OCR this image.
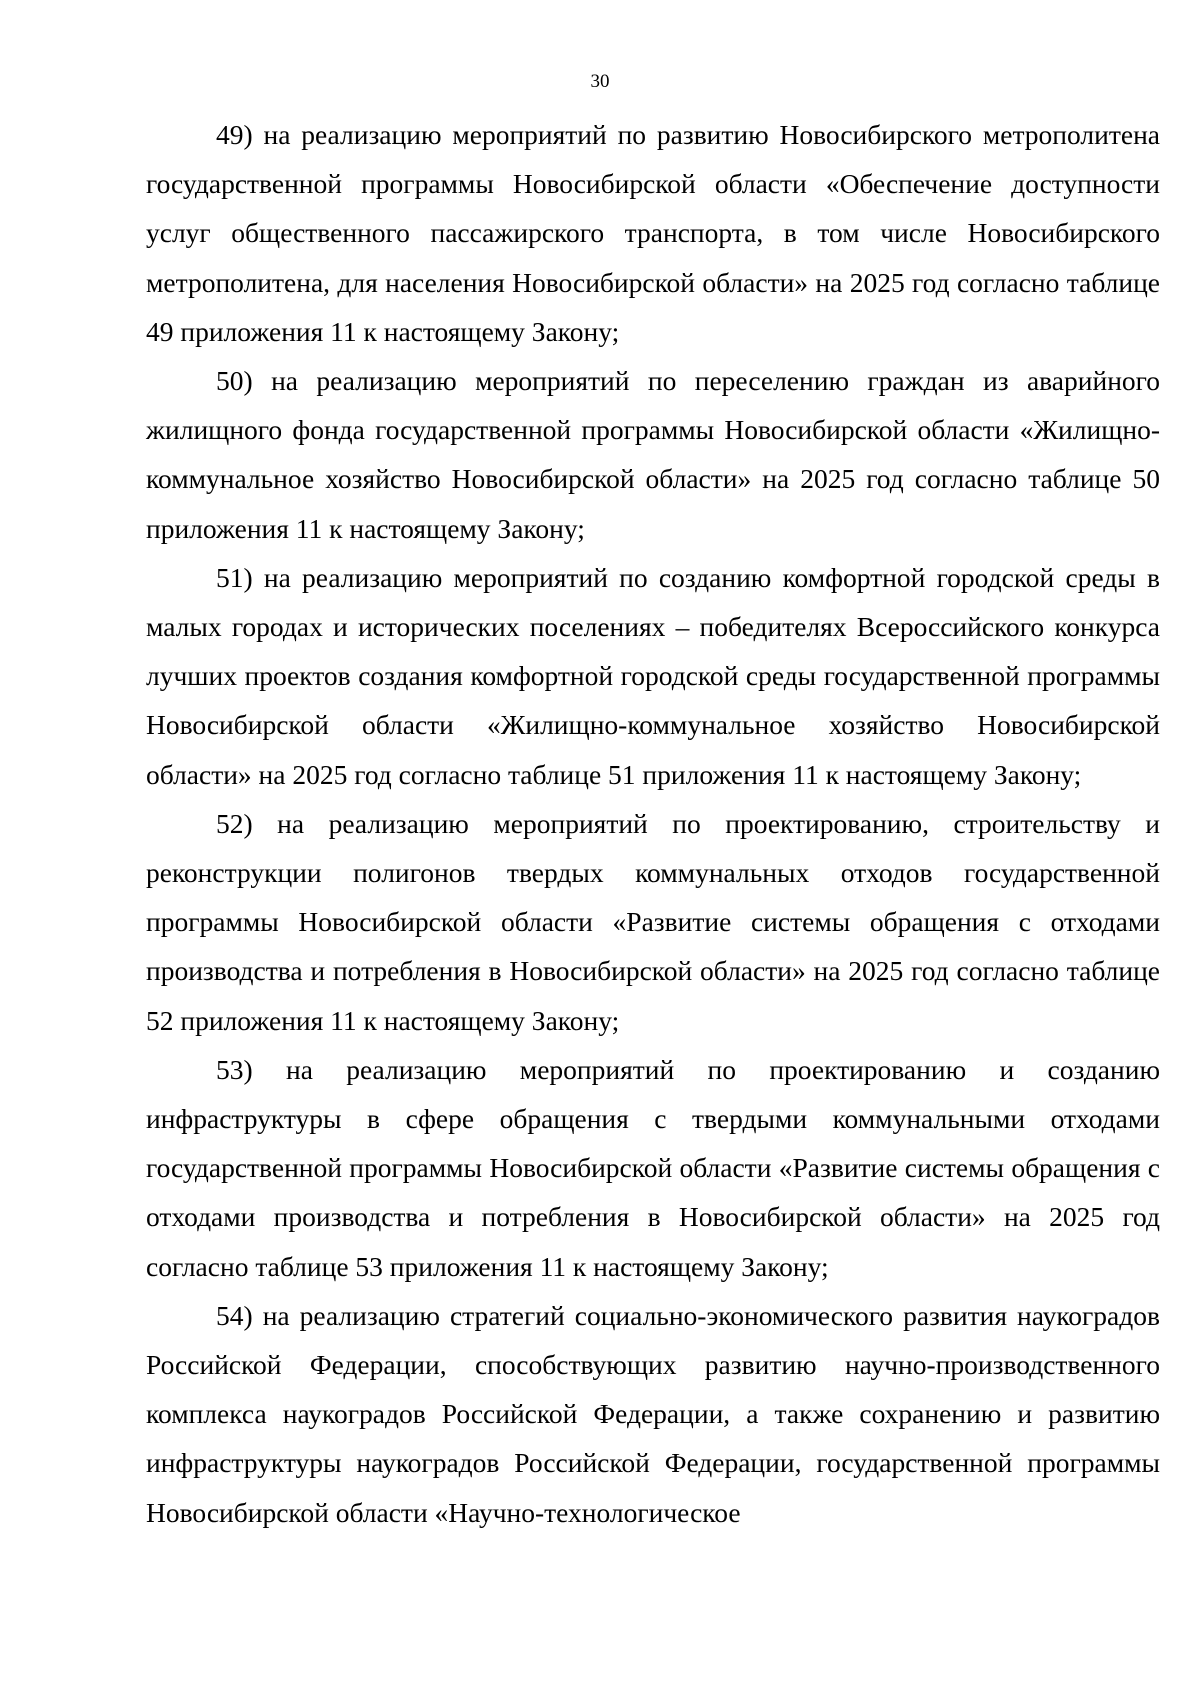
30

49) на реализацию мероприятий по развитию Новосибирского метрополитена государственной программы Новосибирской области «Обеспечение доступности услуг общественного пассажирского транспорта, в том числе Новосибирского метрополитена, для населения Новосибирской области» на 2025 год согласно таблице 49 приложения 11 к настоящему Закону;

50) на реализацию мероприятий по переселению граждан из аварийного жилищного фонда государственной программы Новосибирской области «Жилищно-коммунальное хозяйство Новосибирской области» на 2025 год согласно таблице 50 приложения 11 к настоящему Закону;

51) на реализацию мероприятий по созданию комфортной городской среды в малых городах и исторических поселениях – победителях Всероссийского конкурса лучших проектов создания комфортной городской среды государственной программы Новосибирской области «Жилищно-коммунальное хозяйство Новосибирской области» на 2025 год согласно таблице 51 приложения 11 к настоящему Закону;

52) на реализацию мероприятий по проектированию, строительству и реконструкции полигонов твердых коммунальных отходов государственной программы Новосибирской области «Развитие системы обращения с отходами производства и потребления в Новосибирской области» на 2025 год согласно таблице 52 приложения 11 к настоящему Закону;

53) на реализацию мероприятий по проектированию и созданию инфраструктуры в сфере обращения с твердыми коммунальными отходами государственной программы Новосибирской области «Развитие системы обращения с отходами производства и потребления в Новосибирской области» на 2025 год согласно таблице 53 приложения 11 к настоящему Закону;

54) на реализацию стратегий социально-экономического развития наукоградов Российской Федерации, способствующих развитию научно-производственного комплекса наукоградов Российской Федерации, а также сохранению и развитию инфраструктуры наукоградов Российской Федерации, государственной программы Новосибирской области «Научно-технологическое
